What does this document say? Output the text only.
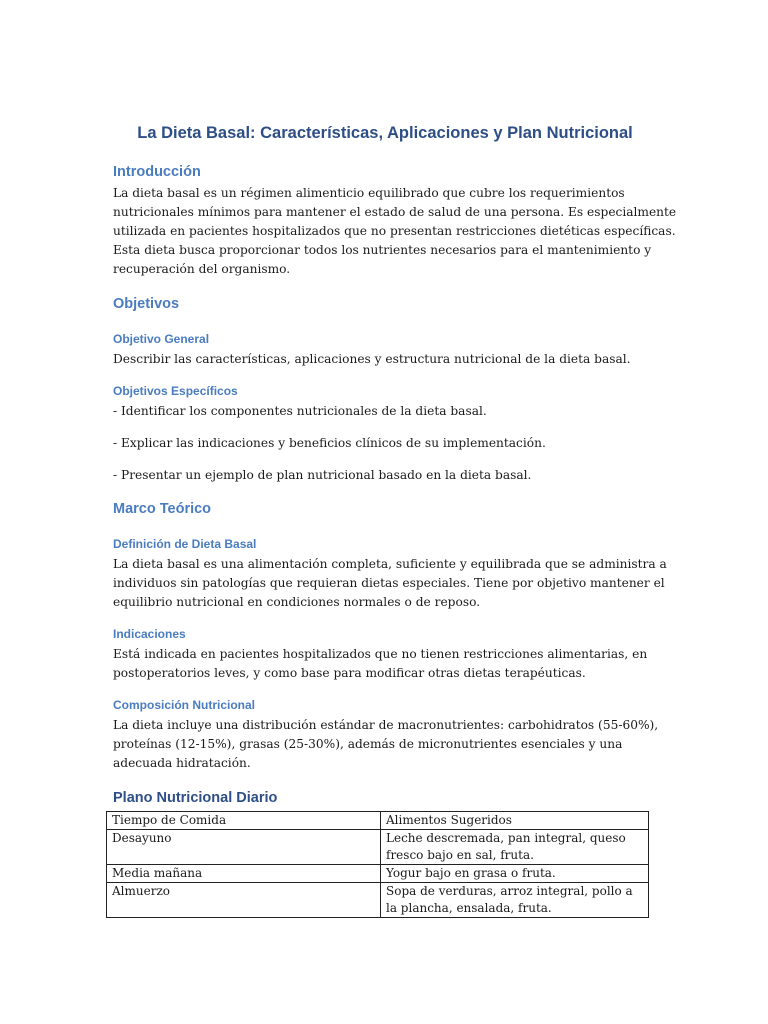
La Dieta Basal: Características, Aplicaciones y Plan Nutricional
Introducción
La dieta basal es un régimen alimenticio equilibrado que cubre los requerimientos
nutricionales mínimos para mantener el estado de salud de una persona. Es especialmente
utilizada en pacientes hospitalizados que no presentan restricciones dietéticas específicas.
Esta dieta busca proporcionar todos los nutrientes necesarios para el mantenimiento y
recuperación del organismo.
Objetivos
Objetivo General

Describir las características, aplicaciones y estructura nutricional de la dieta basal.

Objetivos Específicos

- Identificar los componentes nutricionales de la dieta basal.

- Explicar las indicaciones y beneficios clínicos de su implementación.

- Presentar un ejemplo de plan nutricional basado en la dieta basal.

Marco Teórico
Definición de Dieta Basal
La dieta basal es una alimentación completa, suficiente y equilibrada que se administra a
individuos sin patologías que requieran dietas especiales. Tiene por objetivo mantener el
equilibrio nutricional en condiciones normales o de reposo.
Indicaciones
Está indicada en pacientes hospitalizados que no tienen restricciones alimentarias, en
postoperatorios leves, y como base para modificar otras dietas terapéuticas.
Composición Nutricional
La dieta incluye una distribución estándar de macronutrientes: carbohidratos (55-60%),
proteínas (12-15%), grasas (25-30%), además de micronutrientes esenciales y una
adecuada hidratación.
Plano Nutricional Diario
Tiempo de Comida	Alimentos Sugeridos
Desayuno	Leche descremada, pan integral, queso fresco bajo en sal, fruta.
Media mañana	Yogur bajo en grasa o fruta.
Almuerzo	Sopa de verduras, arroz integral, pollo a la plancha, ensalada, fruta.
